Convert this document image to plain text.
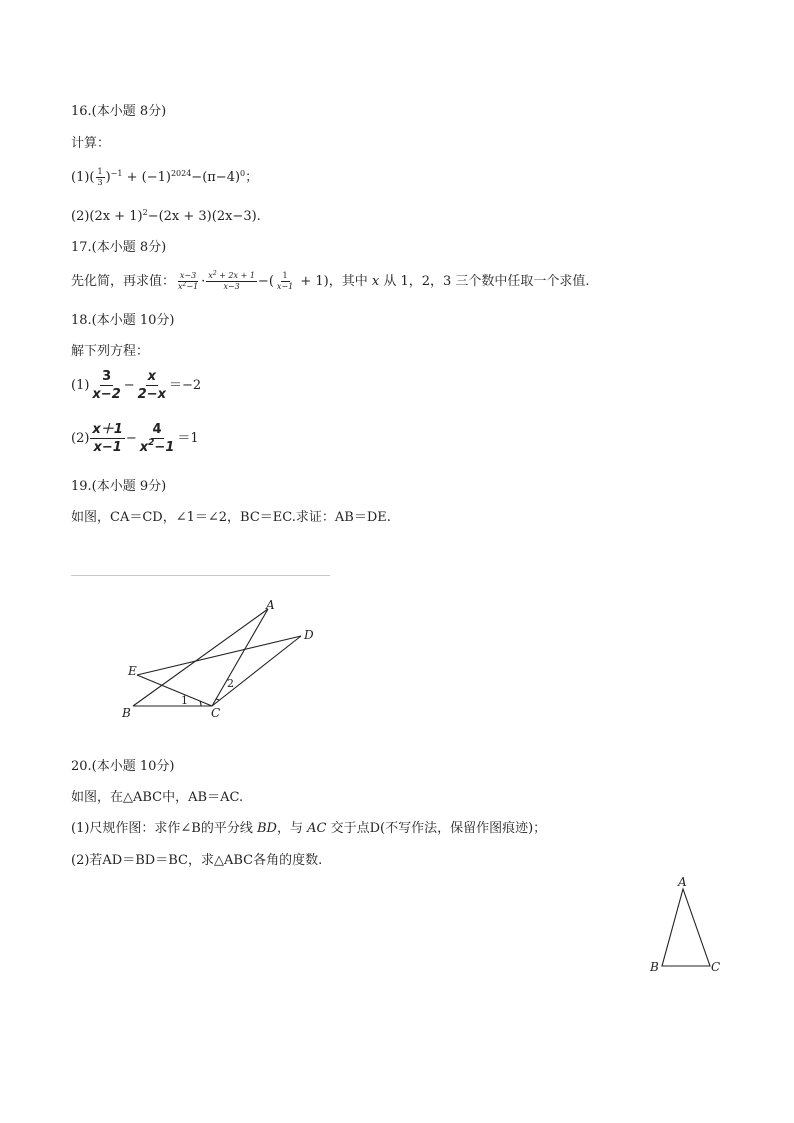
16.(本小题 8分)
计算：
$(1)( \frac{1}{3} )^{-1} + (-1)^{2024}-(\pi-4)^0$；
$(2)(2x + 1)^2-(2x + 3)(2x-3)$.
17.(本小题 8分)
先化简，再求值： $\frac{x-3}{x^2-1} \cdot \frac{x^2 + 2x + 1}{x-3}$ −( $\frac{1}{x-1} + 1$)，其中 x 从 1，2，3 三个数中任取一个求值.
18.(本小题 10分)
解下列方程：
$(1) \frac{3}{x-2} - \frac{x}{2-x} =-2$
$(2) \frac{x+1}{x-1} - \frac{4}{x^2-1} =1$
19.(本小题 9分)
如图，CA＝CD，∠1＝∠2，BC＝EC.求证：AB＝DE.
A
D
E
B	C
1
2
20.(本小题 10分)
如图，在△ABC中，AB＝AC.
(1)尺规作图：求作∠B的平分线 BD，与 AC 交于点D(不写作法，保留作图痕迹)；
(2)若AD＝BD＝BC，求△ABC各角的度数.
A
B	C
